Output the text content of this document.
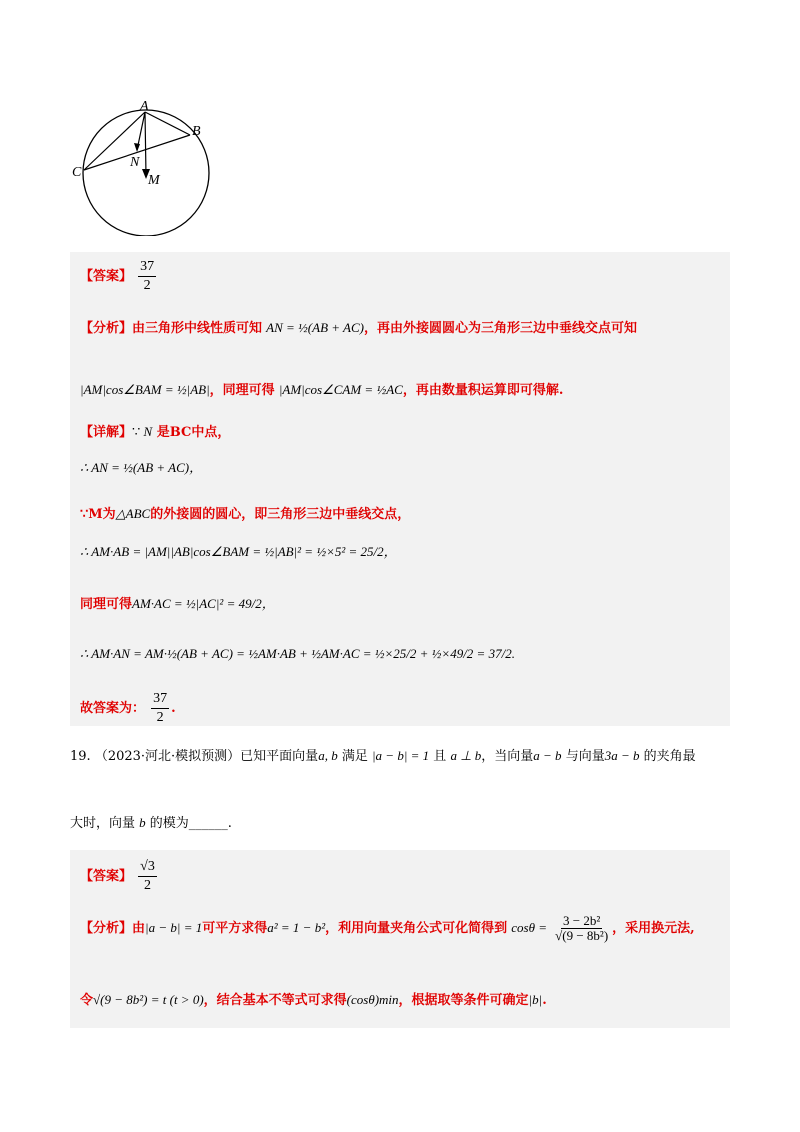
A
B
C
N
M
【答案】 $\frac{37}{2}$
【分析】由三角形中线性质可知 AN = ½(AB + AC)，再由外接圆圆心为三角形三边中垂线交点可知
|AM|cos∠BAM = ½|AB|，同理可得 |AM|cos∠CAM = ½AC，再由数量积运算即可得解.
【详解】∵ N 是BC中点，
∴ AN = ½(AB + AC)，
∵M为△ABC的外接圆的圆心，即三角形三边中垂线交点，
∴ AM·AB = |AM||AB|cos∠BAM = ½|AB|² = ½×5² = 25/2，
同理可得AM·AC = ½|AC|² = 49/2，
∴ AM·AN = AM·½(AB + AC) = ½AM·AB + ½AM·AC = ½×25/2 + ½×49/2 = 37/2.
故答案为： $\frac{37}{2}$ .
19. （2023·河北·模拟预测）已知平面向量a, b 满足 |a − b| = 1 且 a ⊥ b，当向量a − b 与向量3a − b 的夹角最
大时，向量 b 的模为______.
【答案】 $\frac{√3}{2}$
【分析】由|a − b| = 1可平方求得a² = 1 − b²，利用向量夹角公式可化简得到 $\cos\theta = \frac{\text{3 − 2b²}}{\text{√(9 − 8b²)}}$ ，采用换元法,
令√(9 − 8b²) = t (t > 0)，结合基本不等式可求得(cosθ)min，根据取等条件可确定|b|.
